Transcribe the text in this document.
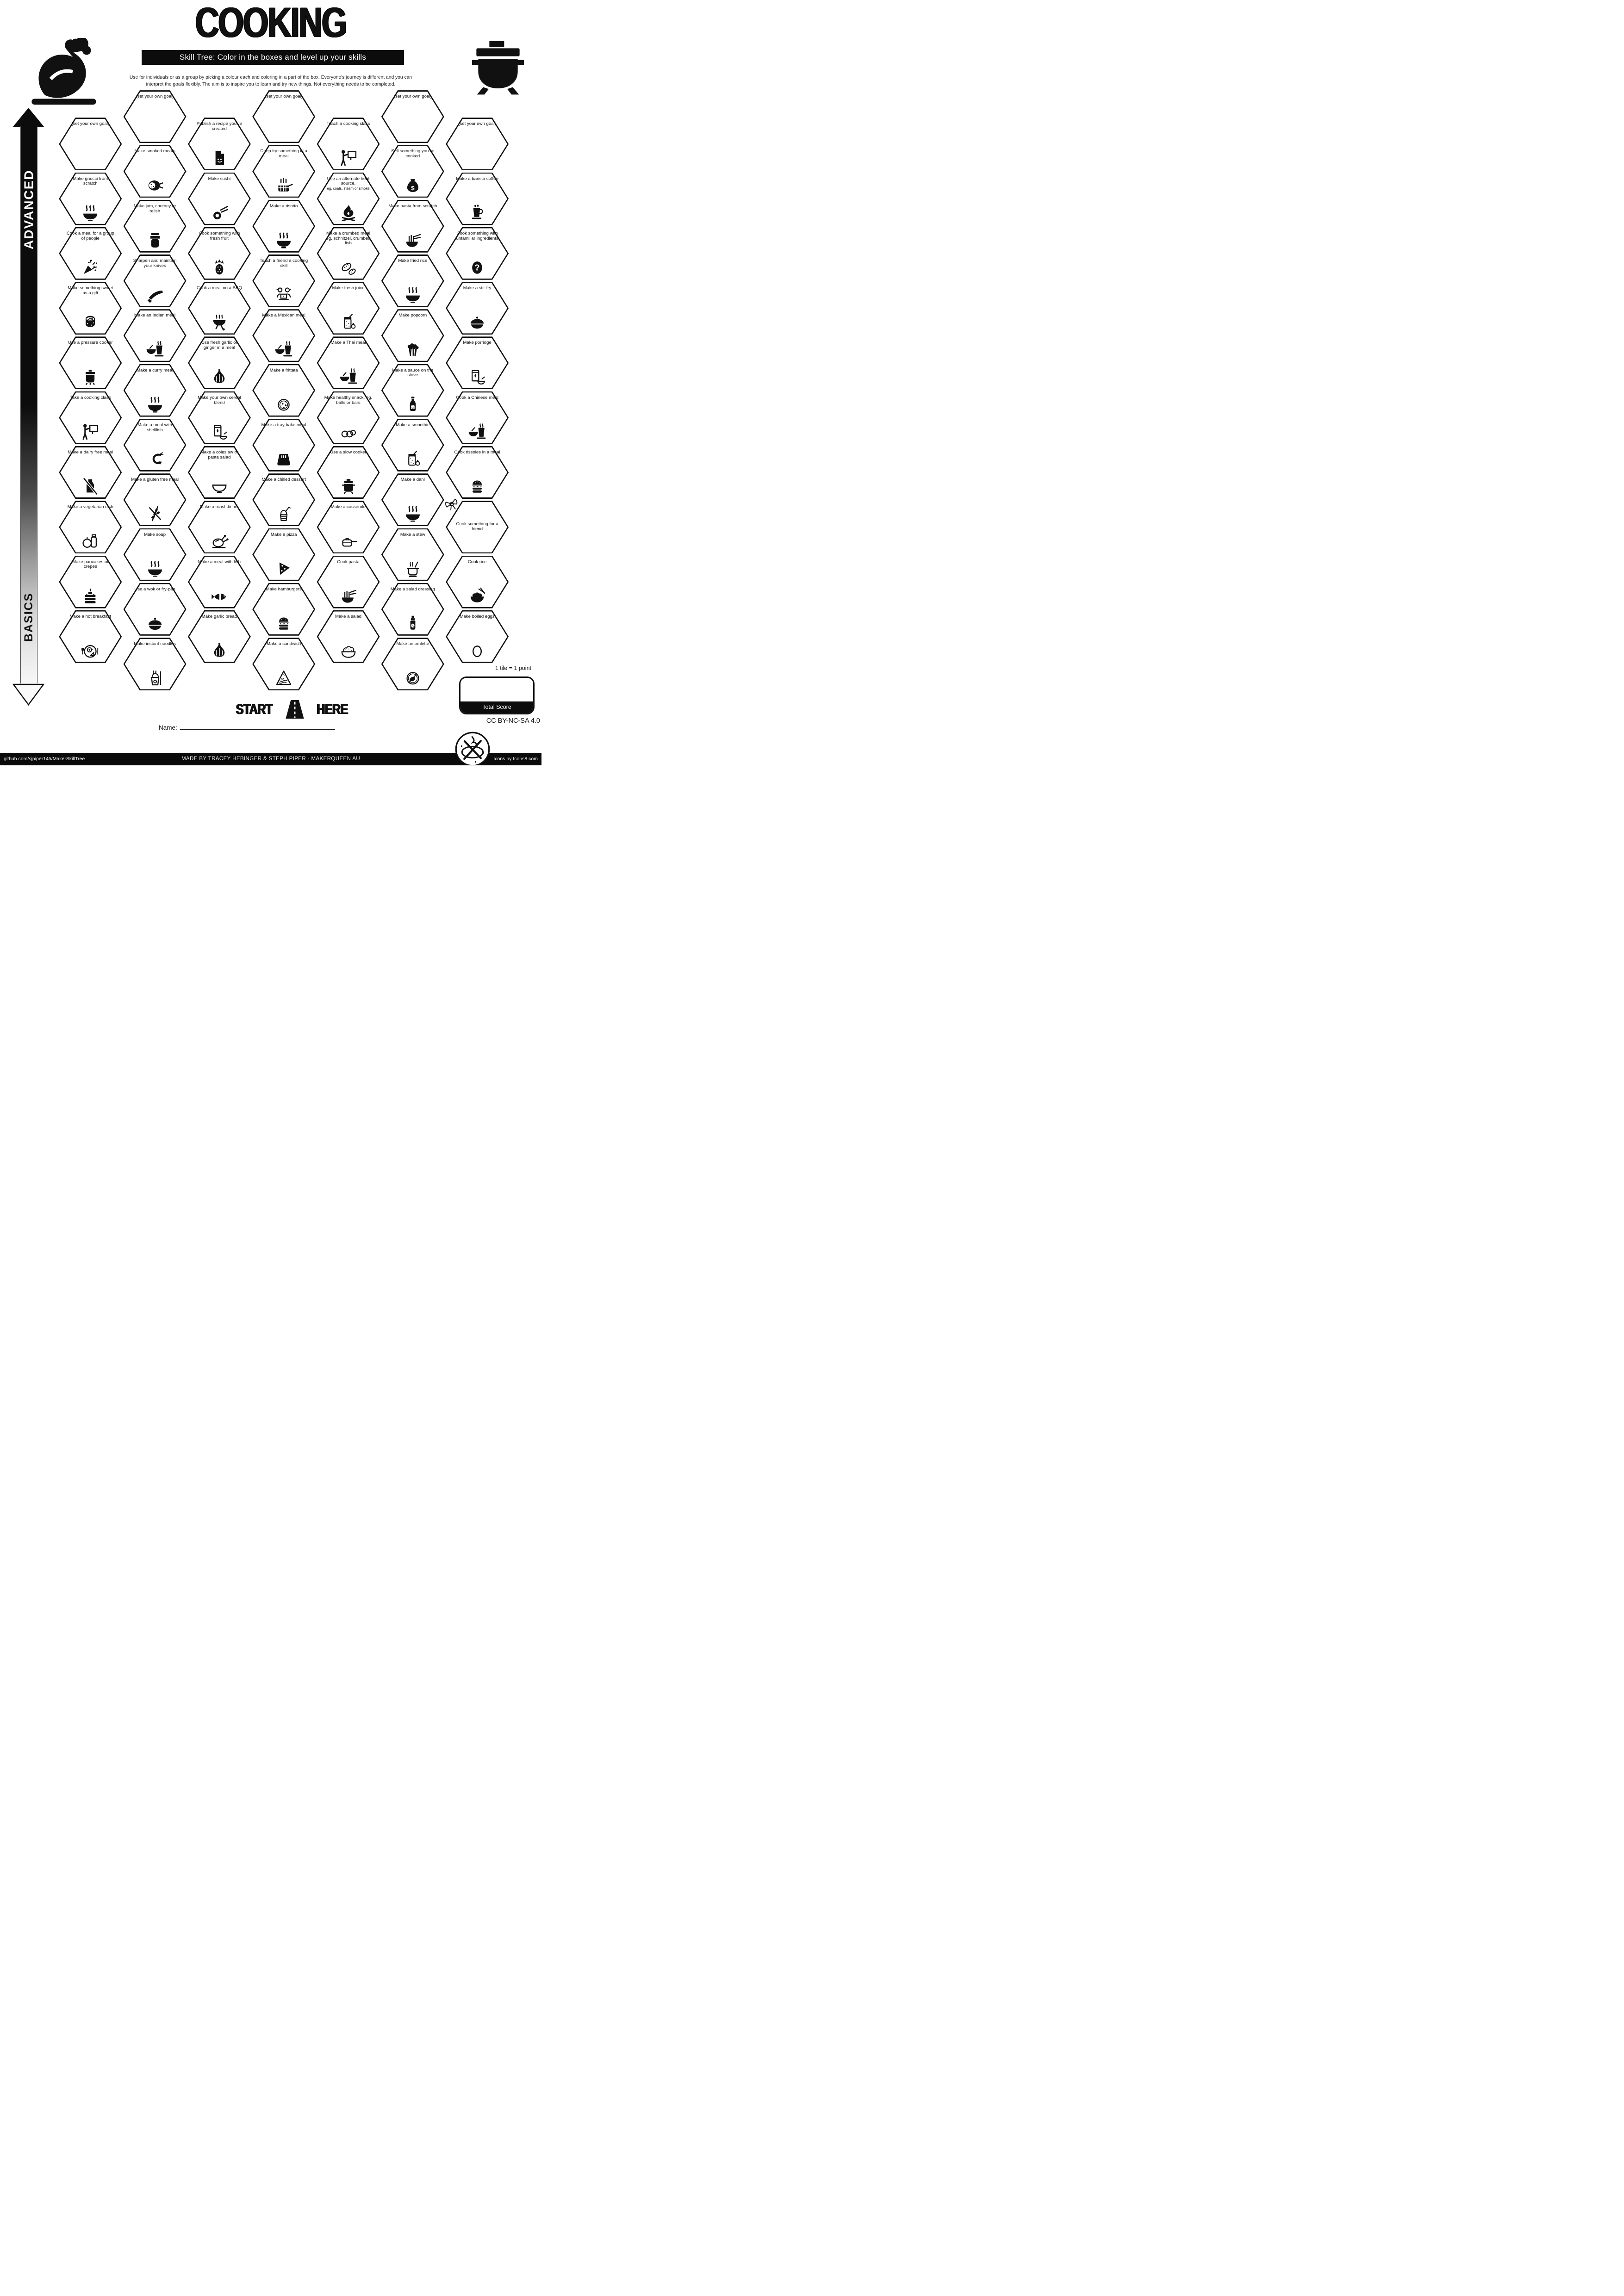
COOKING
Skill Tree: Color in the boxes and level up your skills
Use for individuals or as a group by picking a colour each and coloring in a part of the box. Everyone's journey is different and you can
interpret the goals flexibly. The aim is to inspire you to learn and try new things. Not everything needs to be completed.
ADVANCED
BASICS
(set your own goal)
Make gnocci from scratch
Cook a meal for a group of people
Make something sweet as a gift
Use a pressure cooker
Take a cooking class
Make a dairy free meal
Make a vegetarian dish
Make pancakes or crepes
Make a hot breakfast
(set your own goal)
Make smoked meats
Make jam, chutney or relish
Sharpen and maintain your knives
Make an Indian meal
Make a curry meal
Make a meal with shellfish
Make a gluten free meal
Make soup
Use a wok or fry-pan
Make instant noodles
Publish a recipe you've created
Make sushi
Cook something with fresh fruit
Cook a meal on a BBQ
Use fresh garlic or ginger in a meal
Make your own cereal blend
Make a coleslaw or pasta salad
Make a roast dinner
Make a meal with fish
Make garlic bread
(set your own goal)
Deep fry something in a meal
Make a risotto
Teach a friend a cooking skill
Make a Mexican meal
Make a frittata
Make a tray bake meal
Make a chilled dessert
Make a pizza
Make hamburgers
Make a sandwich
Teach a cooking class
Use an alternate heat source,
eg. coals, steam or smoke
Make a crumbed meal eg. schnitzel, crumbed fish
Make fresh juice
Make a Thai meal
Make healthy snack, eg. balls or bars
Use a slow cooker
Make a casserole
Cook pasta
Make a salad
(set your own goal)
Sell something you've cooked
Make pasta from scratch
Make fried rice
Make popcorn
Make a sauce on the stove
Make a smoothie
Make a dahl
Make a stew
Make a salad dressing
Make an omlette
(set your own goal)
Make a barista coffee
Cook something with unfamiliar ingredients
Make a stir-fry
Make porridge
Cook a Chinese meal
Cook rissoles in a meal
Cook something for a friend
Cook rice
Make boiled eggs
START	HERE
1 tile = 1 point
Total Score
Name:
CC BY-NC-SA 4.0
github.com/sjpiper145/MakerSkillTree	MADE BY TRACEY HEBINGER & STEPH PIPER - MAKERQUEEN AU	Icons by Icons8.com
